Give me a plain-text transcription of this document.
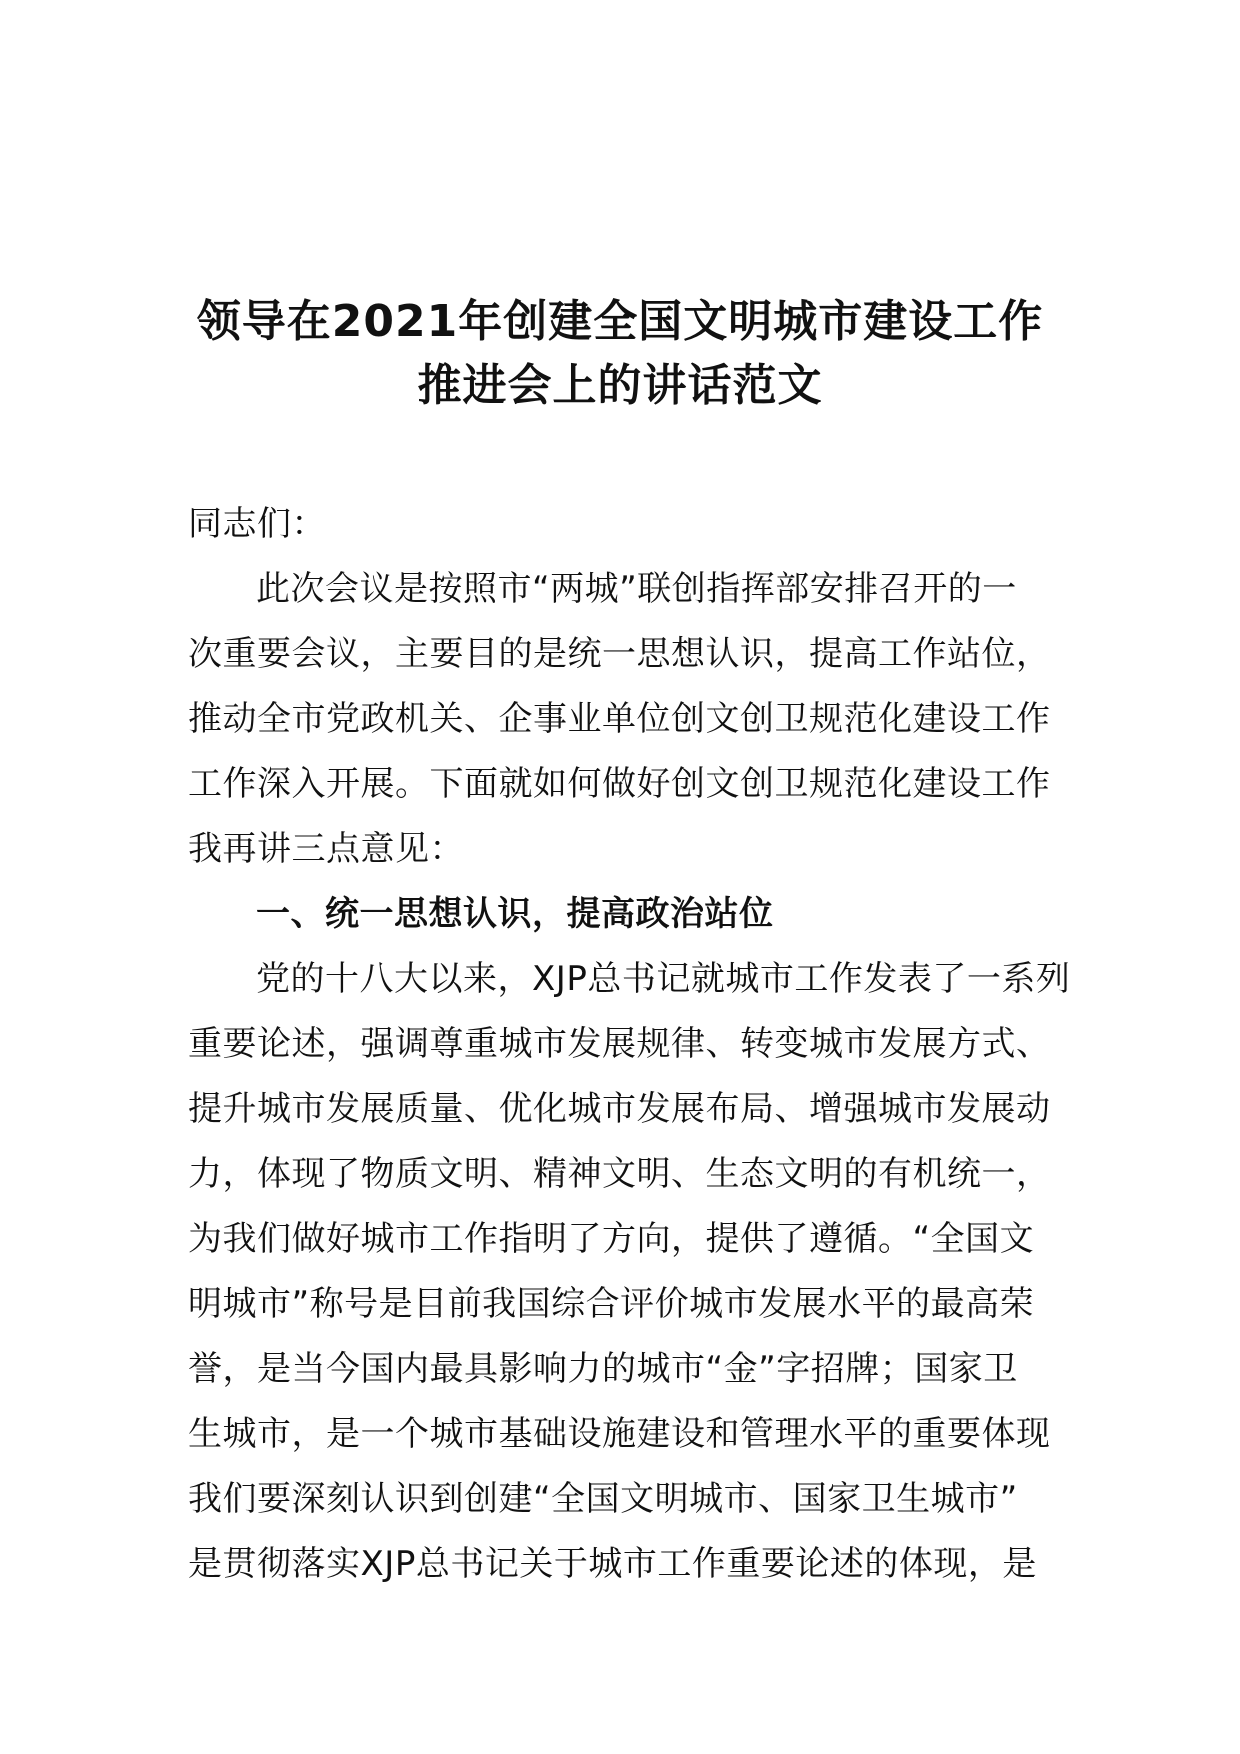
领导在2021年创建全国文明城市建设工作
推进会上的讲话范文
同志们：
此次会议是按照市“两城”联创指挥部安排召开的一
次重要会议，主要目的是统一思想认识，提高工作站位，
推动全市党政机关、企事业单位创文创卫规范化建设工作
工作深入开展。下面就如何做好创文创卫规范化建设工作
我再讲三点意见：
一、统一思想认识，提高政治站位
党的十八大以来，XJP总书记就城市工作发表了一系列
重要论述，强调尊重城市发展规律、转变城市发展方式、
提升城市发展质量、优化城市发展布局、增强城市发展动
力，体现了物质文明、精神文明、生态文明的有机统一，
为我们做好城市工作指明了方向，提供了遵循。“全国文
明城市”称号是目前我国综合评价城市发展水平的最高荣
誉，是当今国内最具影响力的城市“金”字招牌；国家卫
生城市，是一个城市基础设施建设和管理水平的重要体现
我们要深刻认识到创建“全国文明城市、国家卫生城市”
是贯彻落实XJP总书记关于城市工作重要论述的体现，是
